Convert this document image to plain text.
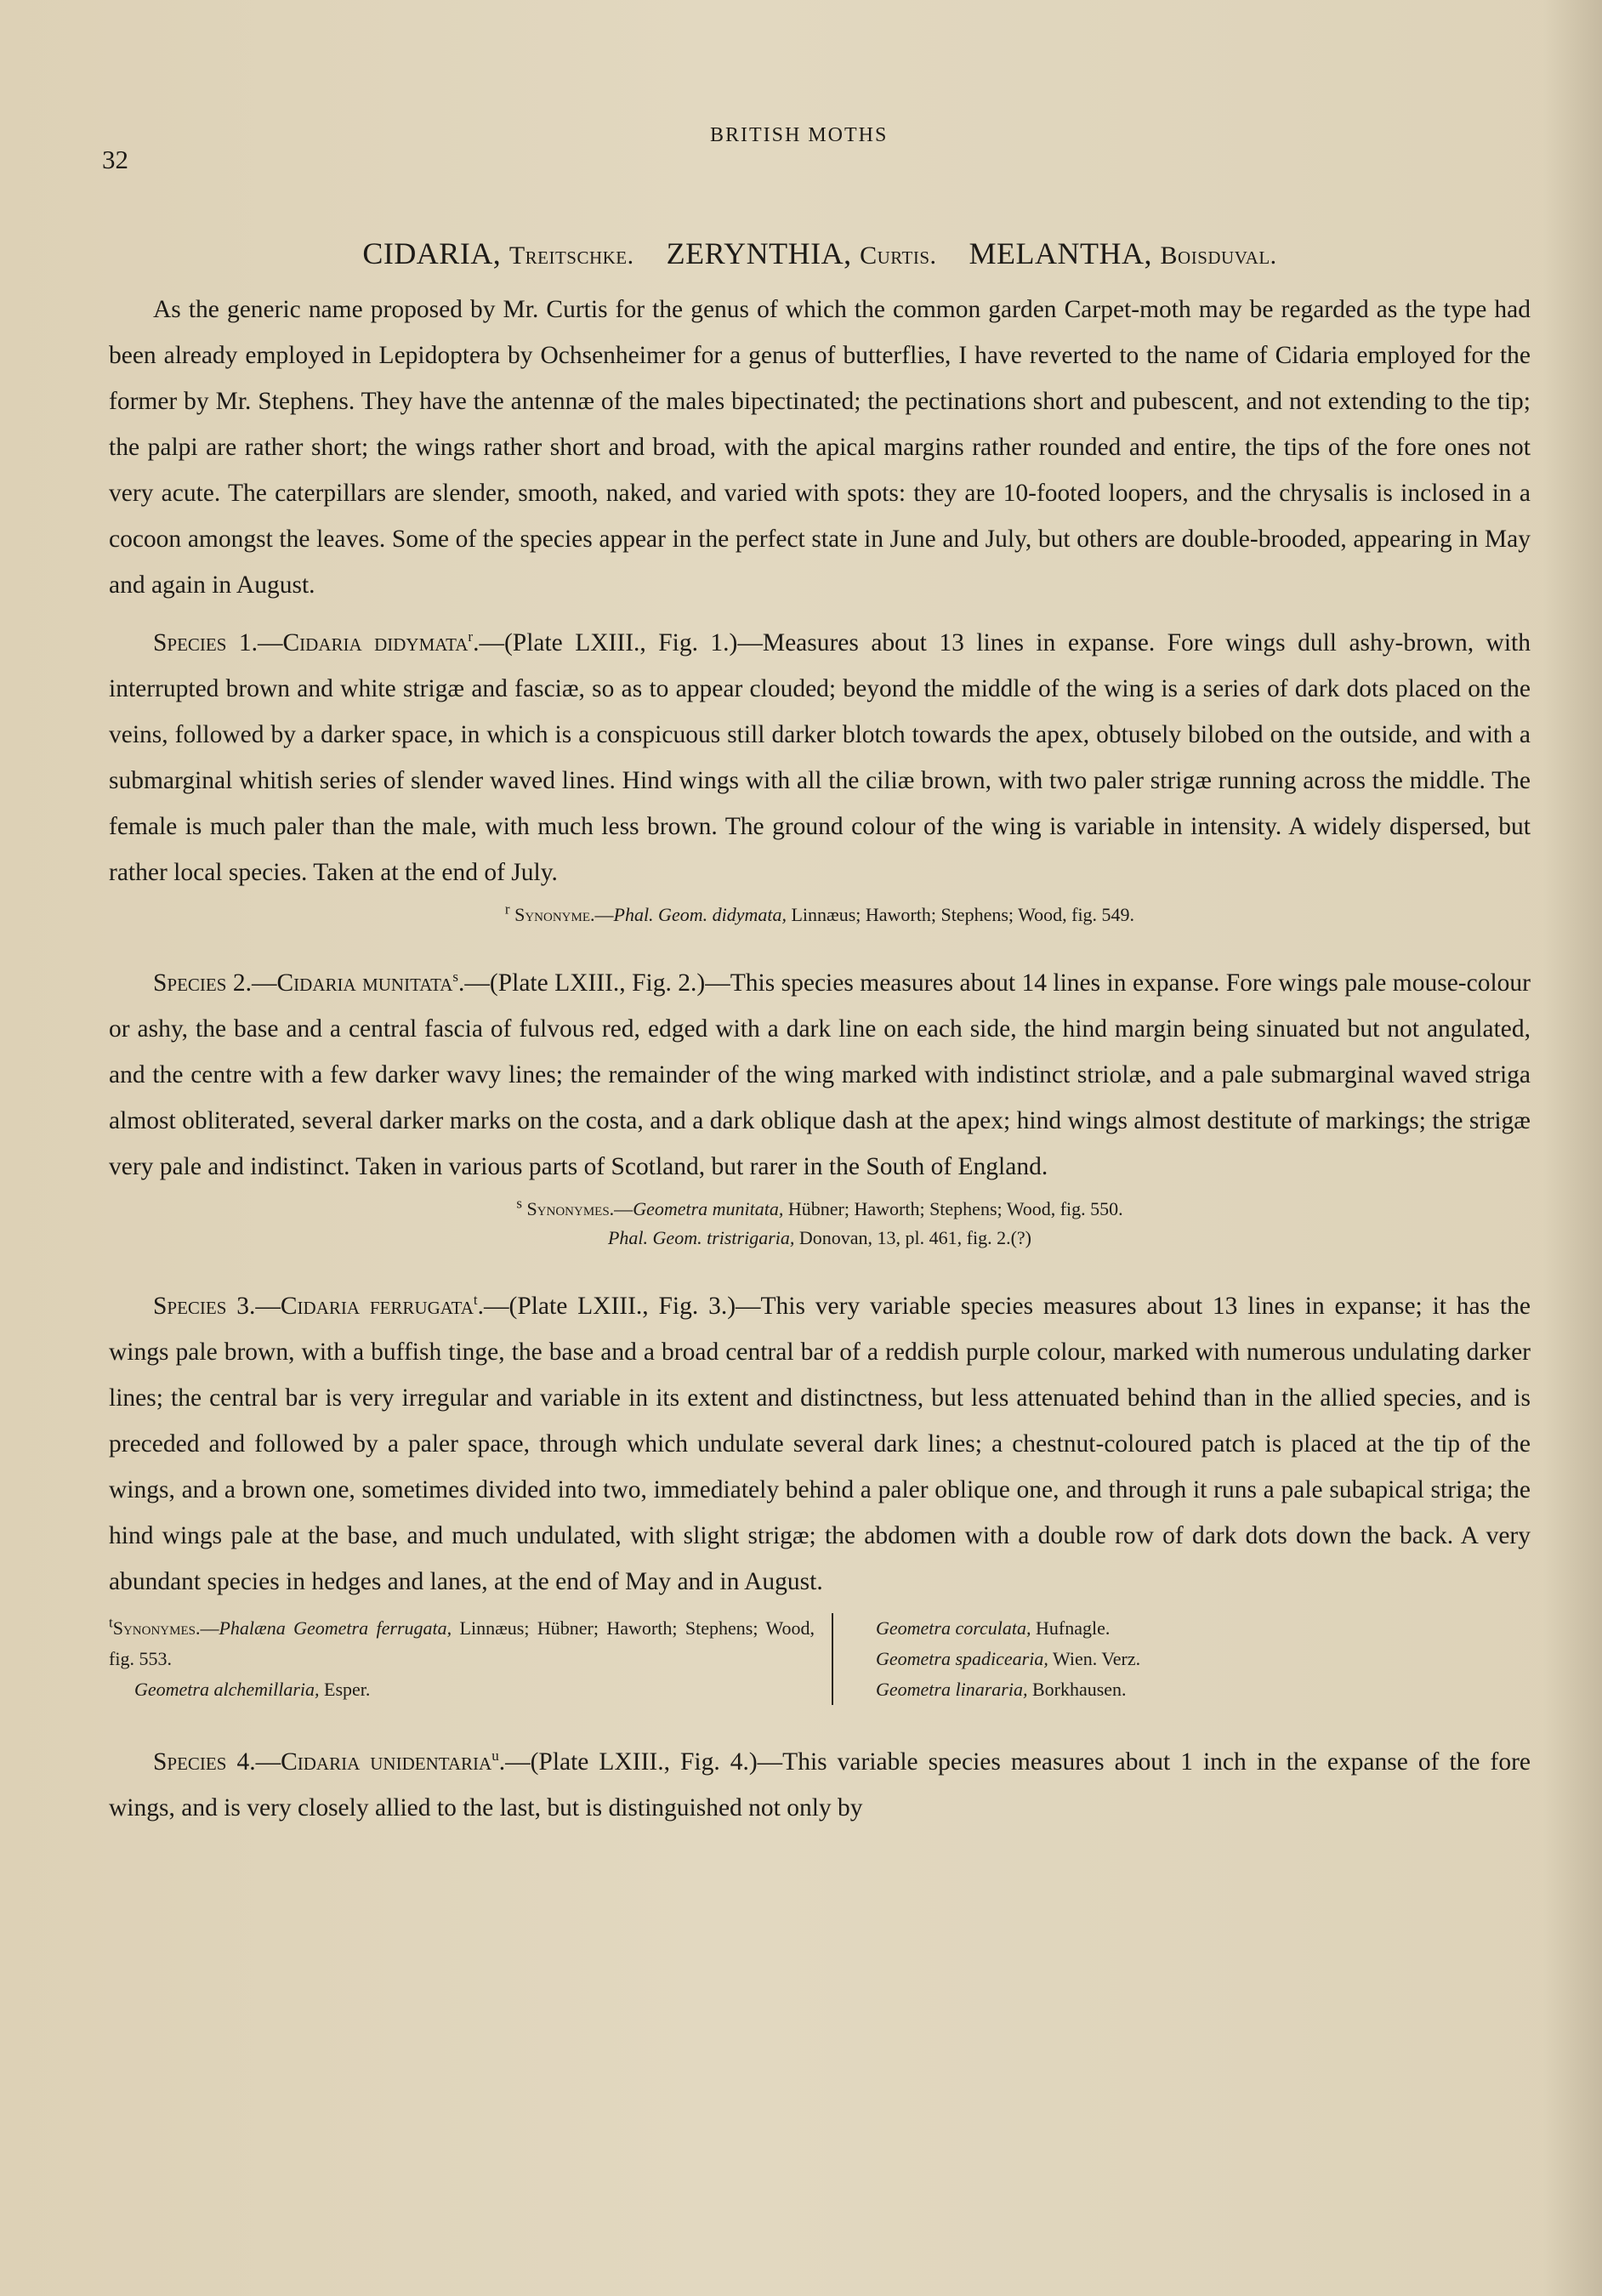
32
BRITISH MOTHS
CIDARIA, Treitschke. ZERYNTHIA, Curtis. MELANTHA, Boisduval.

As the generic name proposed by Mr. Curtis for the genus of which the common garden Carpet-moth may be regarded as the type had been already employed in Lepidoptera by Ochsenheimer for a genus of butterflies, I have reverted to the name of Cidaria employed for the former by Mr. Stephens. They have the antennæ of the males bipectinated; the pectinations short and pubescent, and not extending to the tip; the palpi are rather short; the wings rather short and broad, with the apical margins rather rounded and entire, the tips of the fore ones not very acute. The caterpillars are slender, smooth, naked, and varied with spots: they are 10-footed loopers, and the chrysalis is inclosed in a cocoon amongst the leaves. Some of the species appear in the perfect state in June and July, but others are double-brooded, appearing in May and again in August.

Species 1.—Cidaria didymata$^r$.—(Plate LXIII., Fig. 1.)—Measures about 13 lines in expanse. Fore wings dull ashy-brown, with interrupted brown and white strigæ and fasciæ, so as to appear clouded; beyond the middle of the wing is a series of dark dots placed on the veins, followed by a darker space, in which is a conspicuous still darker blotch towards the apex, obtusely bilobed on the outside, and with a submarginal whitish series of slender waved lines. Hind wings with all the ciliæ brown, with two paler strigæ running across the middle. The female is much paler than the male, with much less brown. The ground colour of the wing is variable in intensity. A widely dispersed, but rather local species. Taken at the end of July.

$^r$ Synonyme.—Phal. Geom. didymata, Linnæus; Haworth; Stephens; Wood, fig. 549.

Species 2.—Cidaria munitata$^s$.—(Plate LXIII., Fig. 2.)—This species measures about 14 lines in expanse. Fore wings pale mouse-colour or ashy, the base and a central fascia of fulvous red, edged with a dark line on each side, the hind margin being sinuated but not angulated, and the centre with a few darker wavy lines; the remainder of the wing marked with indistinct striolæ, and a pale submarginal waved striga almost obliterated, several darker marks on the costa, and a dark oblique dash at the apex; hind wings almost destitute of markings; the strigæ very pale and indistinct. Taken in various parts of Scotland, but rarer in the South of England.

$^s$ Synonymes.—Geometra munitata, Hübner; Haworth; Stephens; Wood, fig. 550.
Phal. Geom. tristrigaria, Donovan, 13, pl. 461, fig. 2.(?)

Species 3.—Cidaria ferrugata$^t$.—(Plate LXIII., Fig. 3.)—This very variable species measures about 13 lines in expanse; it has the wings pale brown, with a buffish tinge, the base and a broad central bar of a reddish purple colour, marked with numerous undulating darker lines; the central bar is very irregular and variable in its extent and distinctness, but less attenuated behind than in the allied species, and is preceded and followed by a paler space, through which undulate several dark lines; a chestnut-coloured patch is placed at the tip of the wings, and a brown one, sometimes divided into two, immediately behind a paler oblique one, and through it runs a pale subapical striga; the hind wings pale at the base, and much undulated, with slight strigæ; the abdomen with a double row of dark dots down the back. A very abundant species in hedges and lanes, at the end of May and in August.

$^t$Synonymes.—Phalæna Geometra ferrugata, Linnæus; Hübner; Haworth; Stephens; Wood, fig. 553.
Geometra alchemillaria, Esper.
Geometra corculata, Hufnagle.
Geometra spadicearia, Wien. Verz.
Geometra linararia, Borkhausen.

Species 4.—Cidaria unidentaria$^u$.—(Plate LXIII., Fig. 4.)—This variable species measures about 1 inch in the expanse of the fore wings, and is very closely allied to the last, but is distinguished not only by
